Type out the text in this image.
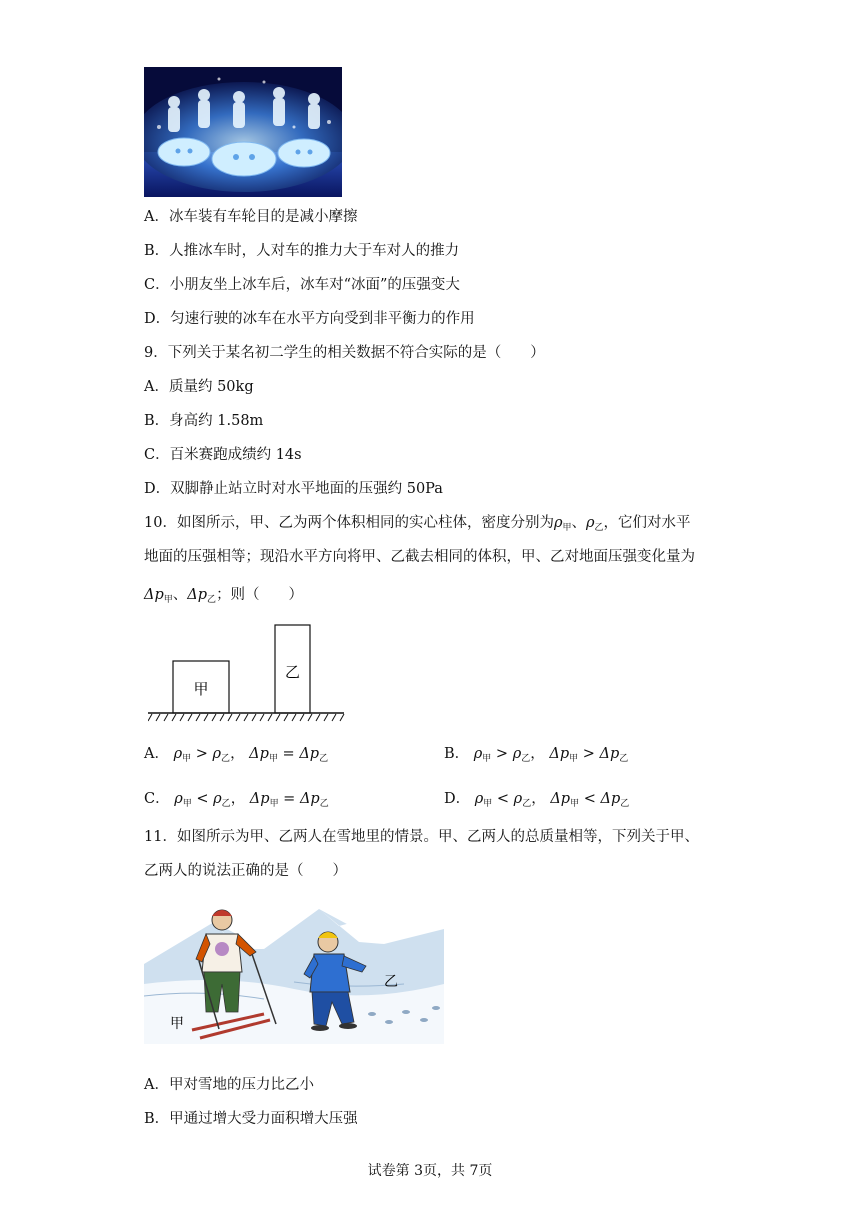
A．冰车装有车轮目的是减小摩擦
B．人推冰车时，人对车的推力大于车对人的推力
C．小朋友坐上冰车后，冰车对“冰面”的压强变大
D．匀速行驶的冰车在水平方向受到非平衡力的作用
9．下列关于某名初二学生的相关数据不符合实际的是（　　）
A．质量约 50kg
B．身高约 1.58m
C．百米赛跑成绩约 14s
D．双脚静止站立时对水平地面的压强约 50Pa
10．如图所示，甲、乙为两个体积相同的实心柱体，密度分别为$\rho_甲$、$\rho_乙$，它们对水平
地面的压强相等；现沿水平方向将甲、乙截去相同的体积，甲、乙对地面压强变化量为
$\Delta p_甲$、$\Delta p_乙$；则（　　）
甲
乙
A． $\rho_甲 > \rho_乙$， $\Delta p_甲 = \Delta p_乙$	B． $\rho_甲 > \rho_乙$， $\Delta p_甲 > \Delta p_乙$
C． $\rho_甲 < \rho_乙$， $\Delta p_甲 = \Delta p_乙$	D． $\rho_甲 < \rho_乙$， $\Delta p_甲 < \Delta p_乙$
11．如图所示为甲、乙两人在雪地里的情景。甲、乙两人的总质量相等，下列关于甲、
乙两人的说法正确的是（　　）
甲
乙
A．甲对雪地的压力比乙小
B．甲通过增大受力面积增大压强
试卷第 3页，共 7页
